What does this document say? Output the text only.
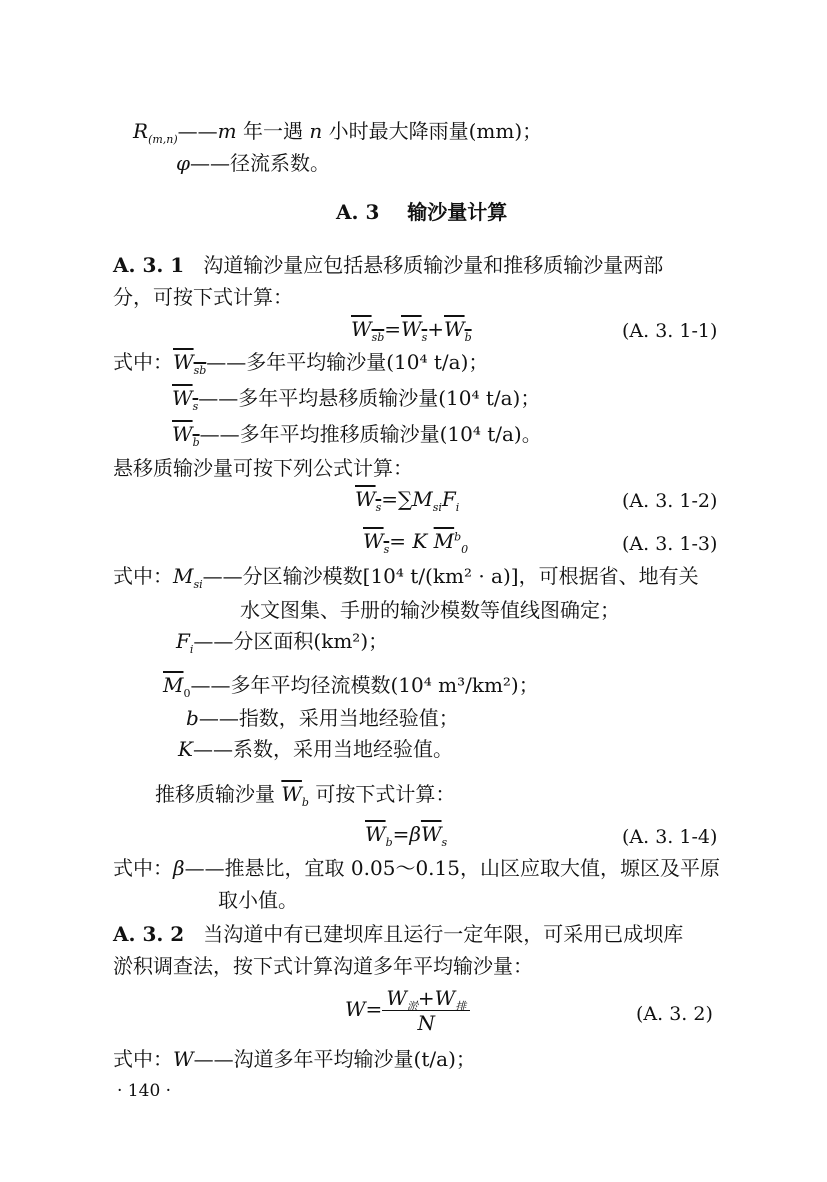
$R_{(m,n)}——m$ 年一遇 n 小时最大降雨量(mm)；
φ——径流系数。
A. 3 输沙量计算
A. 3. 1 沟道输沙量应包括悬移质输沙量和推移质输沙量两部
分，可按下式计算：
$W_{sb}=W_s+W_b$	(A. 3. 1-1)
式中：$W_{sb}——$多年平均输沙量(10⁴ t/a)；
$W_s——$多年平均悬移质输沙量(10⁴ t/a)；
$W_b——$多年平均推移质输沙量(10⁴ t/a)。
悬移质输沙量可按下列公式计算：
$W_s=\sum M_{si}F_i$	(A. 3. 1-2)
$W_s= K$ $\overline{M}^b_0$	(A. 3. 1-3)
式中：$M_{si}——$分区输沙模数[10⁴ t/(km² · a)]，可根据省、地有关
水文图集、手册的输沙模数等值线图确定；
$F_i——$分区面积(km²)；
$\overline{M}_0——$多年平均径流模数(10⁴ m³/km²)；
b——指数，采用当地经验值；
K——系数，采用当地经验值。
推移质输沙量 $\overline{W}_b$ 可按下式计算：
$\overline{W}_b=\beta\overline{W}_s$	(A. 3. 1-4)
式中：β——推悬比，宜取 0.05～0.15，山区应取大值，塬区及平原
取小值。
A. 3. 2 当沟道中有已建坝库且运行一定年限，可采用已成坝库
淤积调查法，按下式计算沟道多年平均输沙量：
$W= \frac{W_淤+W_排}{N}$	(A. 3. 2)
式中：W——沟道多年平均输沙量(t/a)；
· 140 ·
